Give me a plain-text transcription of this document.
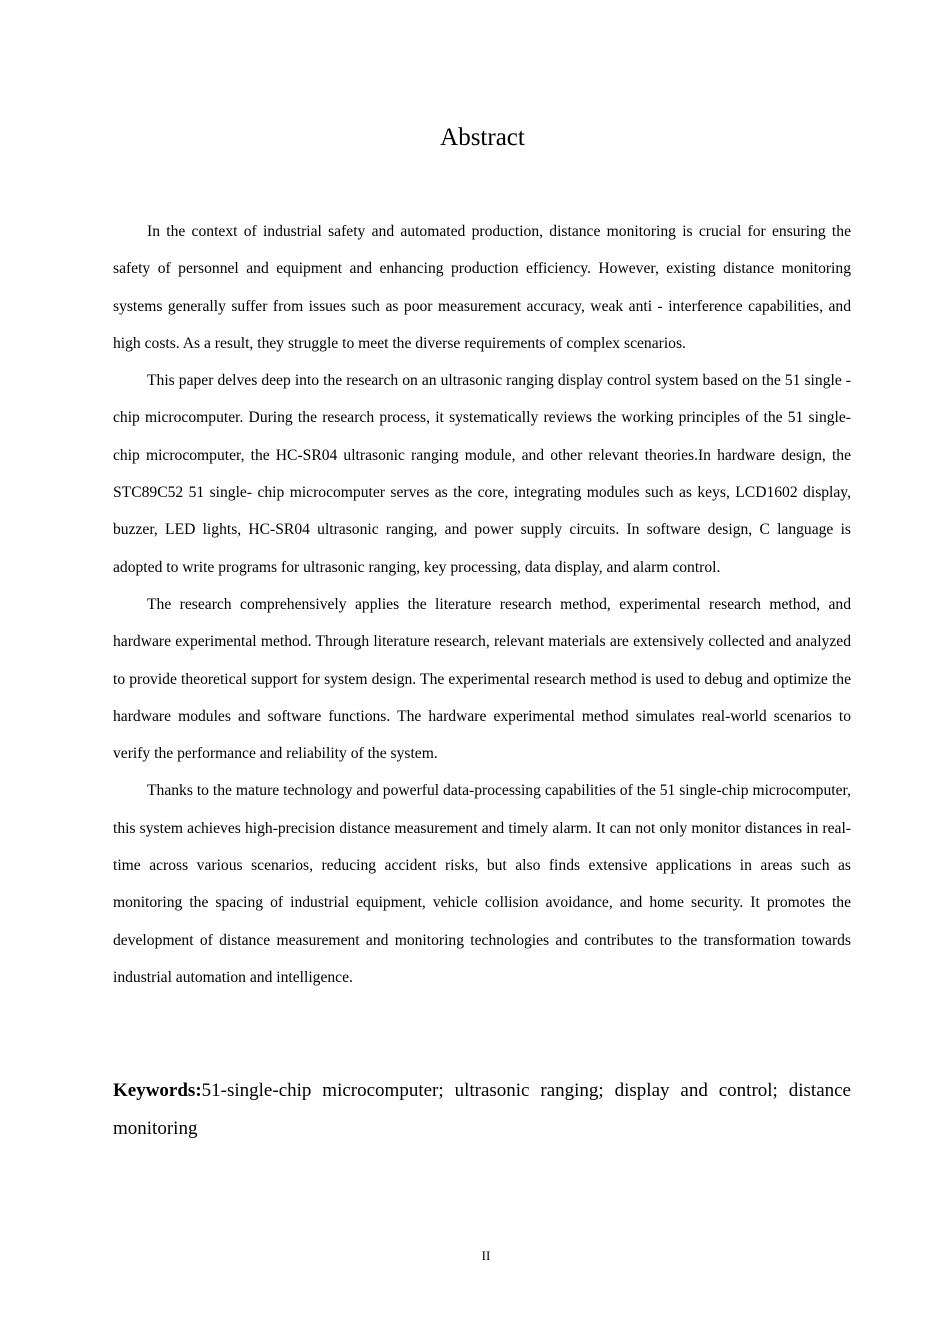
Abstract

In the context of industrial safety and automated production, distance monitoring is crucial for ensuring the safety of personnel and equipment and enhancing production efficiency. However, existing distance monitoring systems generally suffer from issues such as poor measurement accuracy, weak anti - interference capabilities, and high costs. As a result, they struggle to meet the diverse requirements of complex scenarios.

This paper delves deep into the research on an ultrasonic ranging display control system based on the 51 single - chip microcomputer. During the research process, it systematically reviews the working principles of the 51 single-chip microcomputer, the HC-SR04 ultrasonic ranging module, and other relevant theories.In hardware design, the STC89C52 51 single- chip microcomputer serves as the core, integrating modules such as keys, LCD1602 display, buzzer, LED lights, HC-SR04 ultrasonic ranging, and power supply circuits. In software design, C language is adopted to write programs for ultrasonic ranging, key processing, data display, and alarm control.

The research comprehensively applies the literature research method, experimental research method, and hardware experimental method. Through literature research, relevant materials are extensively collected and analyzed to provide theoretical support for system design. The experimental research method is used to debug and optimize the hardware modules and software functions. The hardware experimental method simulates real-world scenarios to verify the performance and reliability of the system.

Thanks to the mature technology and powerful data-processing capabilities of the 51 single-chip microcomputer, this system achieves high-precision distance measurement and timely alarm. It can not only monitor distances in real-time across various scenarios, reducing accident risks, but also finds extensive applications in areas such as monitoring the spacing of industrial equipment, vehicle collision avoidance, and home security. It promotes the development of distance measurement and monitoring technologies and contributes to the transformation towards industrial automation and intelligence.

Keywords:51-single-chip microcomputer; ultrasonic ranging; display and control; distance monitoring

II
